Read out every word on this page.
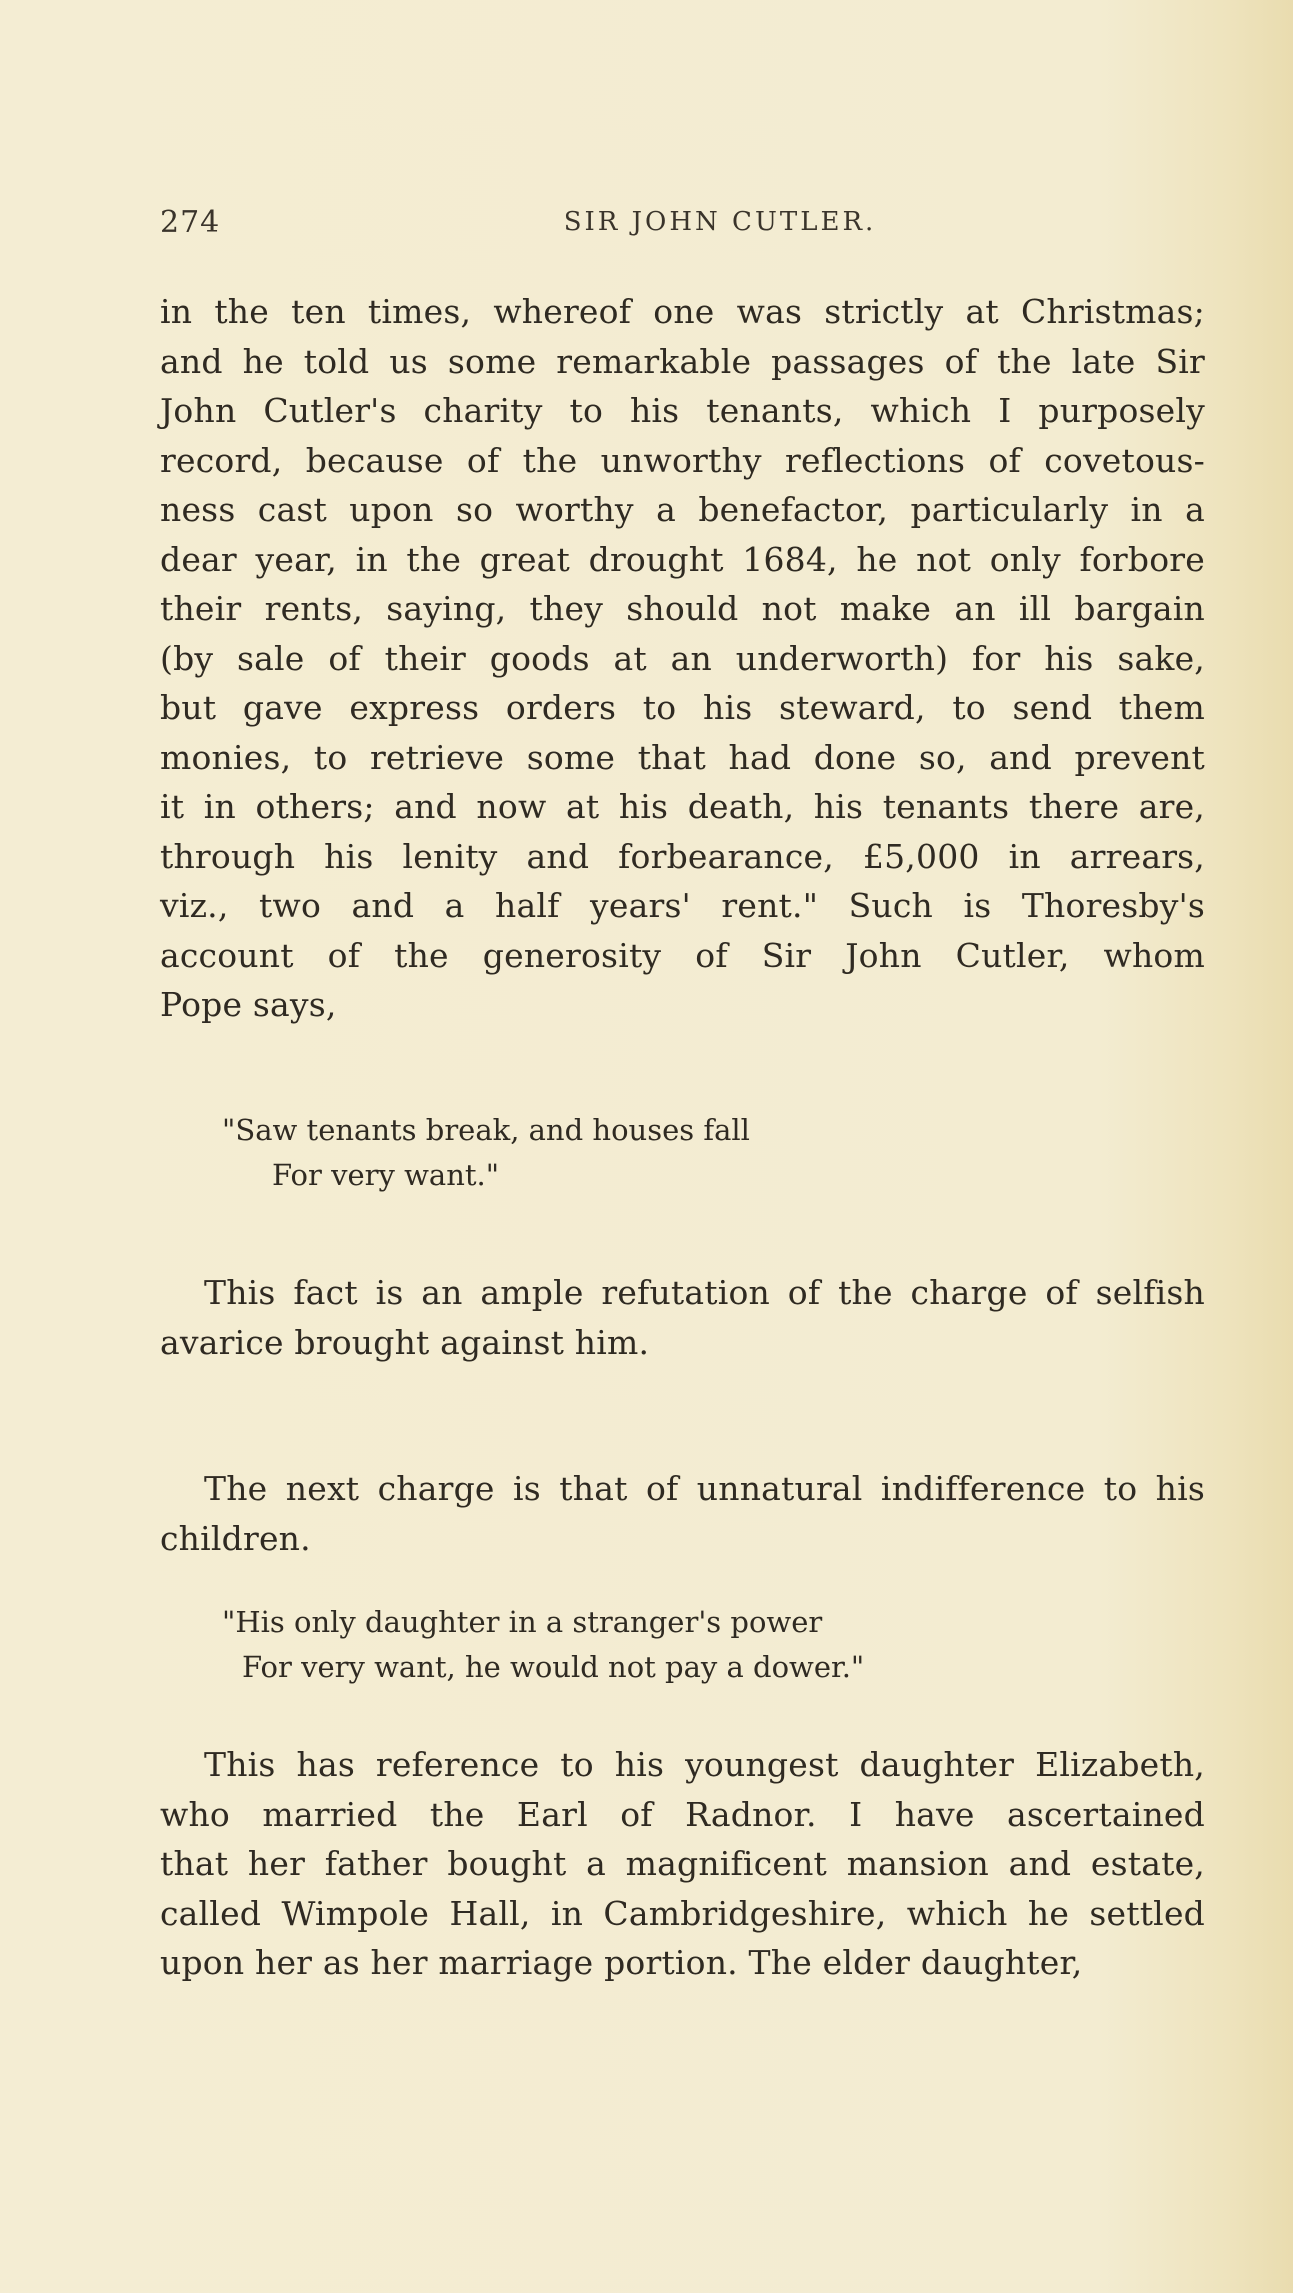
274	SIR JOHN CUTLER.
in the ten times, whereof one was strictly at Christmas;
and he told us some remarkable passages of the late Sir
John Cutler's charity to his tenants, which I purposely
record, because of the unworthy reflections of covetous-
ness cast upon so worthy a benefactor, particularly in a
dear year, in the great drought 1684, he not only forbore
their rents, saying, they should not make an ill bargain
(by sale of their goods at an underworth) for his sake,
but gave express orders to his steward, to send them
monies, to retrieve some that had done so, and prevent
it in others; and now at his death, his tenants there are,
through his lenity and forbearance, £5,000 in arrears,
viz., two and a half years' rent." Such is Thoresby's
account of the generosity of Sir John Cutler, whom
Pope says,
"Saw tenants break, and houses fall
For very want."
This fact is an ample refutation of the charge of selfish
avarice brought against him.
The next charge is that of unnatural indifference to his
children.
"His only daughter in a stranger's power
For very want, he would not pay a dower."
This has reference to his youngest daughter Elizabeth,
who married the Earl of Radnor. I have ascertained
that her father bought a magnificent mansion and estate,
called Wimpole Hall, in Cambridgeshire, which he settled
upon her as her marriage portion. The elder daughter,
